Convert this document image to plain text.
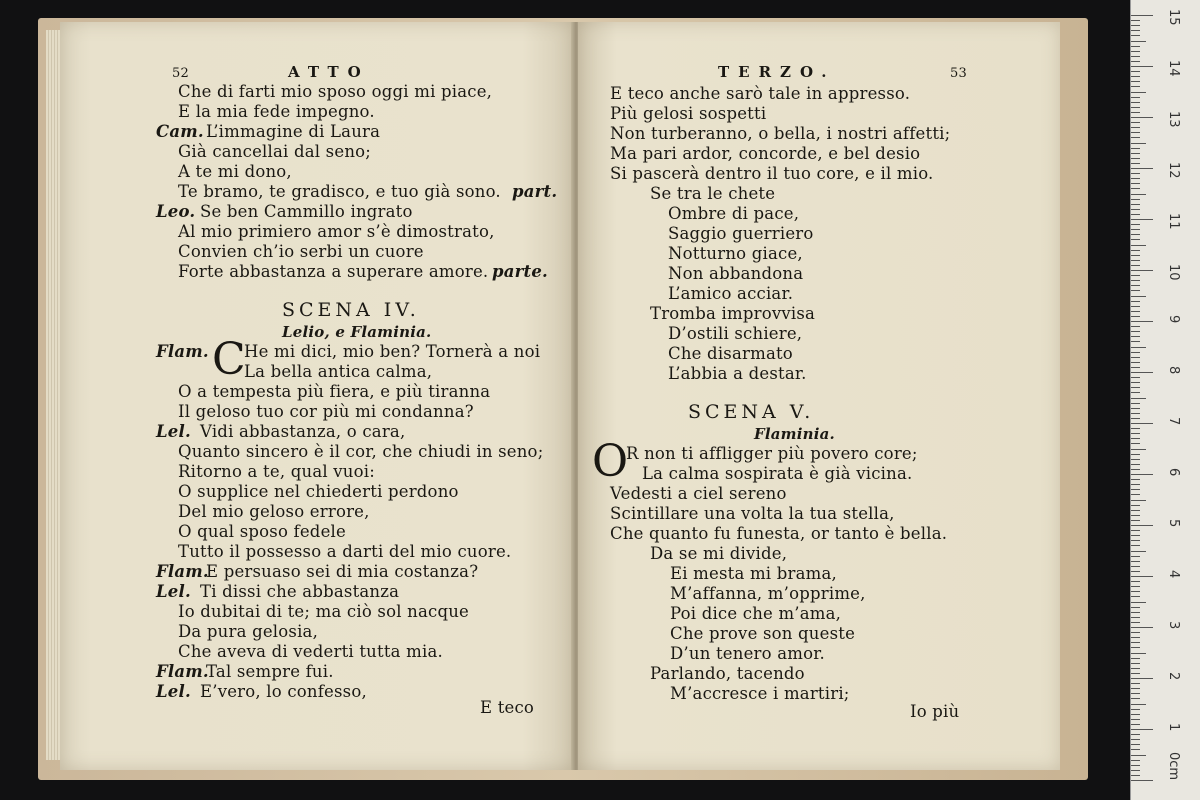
52	ATTO
Che di farti mio sposo oggi mi piace,
E la mia fede impegno.
Cam. L’immagine di Laura
Già cancellai dal seno;
A te mi dono,
Te bramo, te gradisco, e tuo già sono. part.
Leo. Se ben Cammillo ingrato
Al mio primiero amor s’è dimostrato,
Convien ch’io serbi un cuore
Forte abbastanza a superare amore. parte.
SCENA IV.
Lelio, e Flaminia.
Flam. C
He mi dici, mio ben? Tornerà a noi
La bella antica calma,
O a tempesta più fiera, e più tiranna
Il geloso tuo cor più mi condanna?
Lel. Vidi abbastanza, o cara,
Quanto sincero è il cor, che chiudi in seno;
Ritorno a te, qual vuoi:
O supplice nel chiederti perdono
Del mio geloso errore,
O qual sposo fedele
Tutto il possesso a darti del mio cuore.
Flam.
E persuaso sei di mia costanza?
Lel. Ti dissi che abbastanza
Io dubitai di te; ma ciò sol nacque
Da pura gelosia,
Che aveva di vederti tutta mia.
Flam.
Tal sempre fui.
Lel. E’vero, lo confesso,
E teco
TERZO.	53
E teco anche sarò tale in appresso.
Più gelosi sospetti
Non turberanno, o bella, i nostri affetti;
Ma pari ardor, concorde, e bel desio
Si pascerà dentro il tuo core, e il mio.
Se tra le chete
Ombre di pace,
Saggio guerriero
Notturno giace,
Non abbandona
L’amico acciar.
Tromba improvvisa
D’ostili schiere,
Che disarmato
L’abbia a destar.
SCENA V.
Flaminia.
O
R non ti affligger più povero core;
La calma sospirata è già vicina.
Vedesti a ciel sereno
Scintillare una volta la tua stella,
Che quanto fu funesta, or tanto è bella.
Da se mi divide,
Ei mesta mi brama,
M’affanna, m’opprime,
Poi dice che m’ama,
Che prove son queste
D’un tenero amor.
Parlando, tacendo
M’accresce i martiri;
Io più
0cm
1
2
3
4
5
6
7
8
9
10
11
12
13
14
15
